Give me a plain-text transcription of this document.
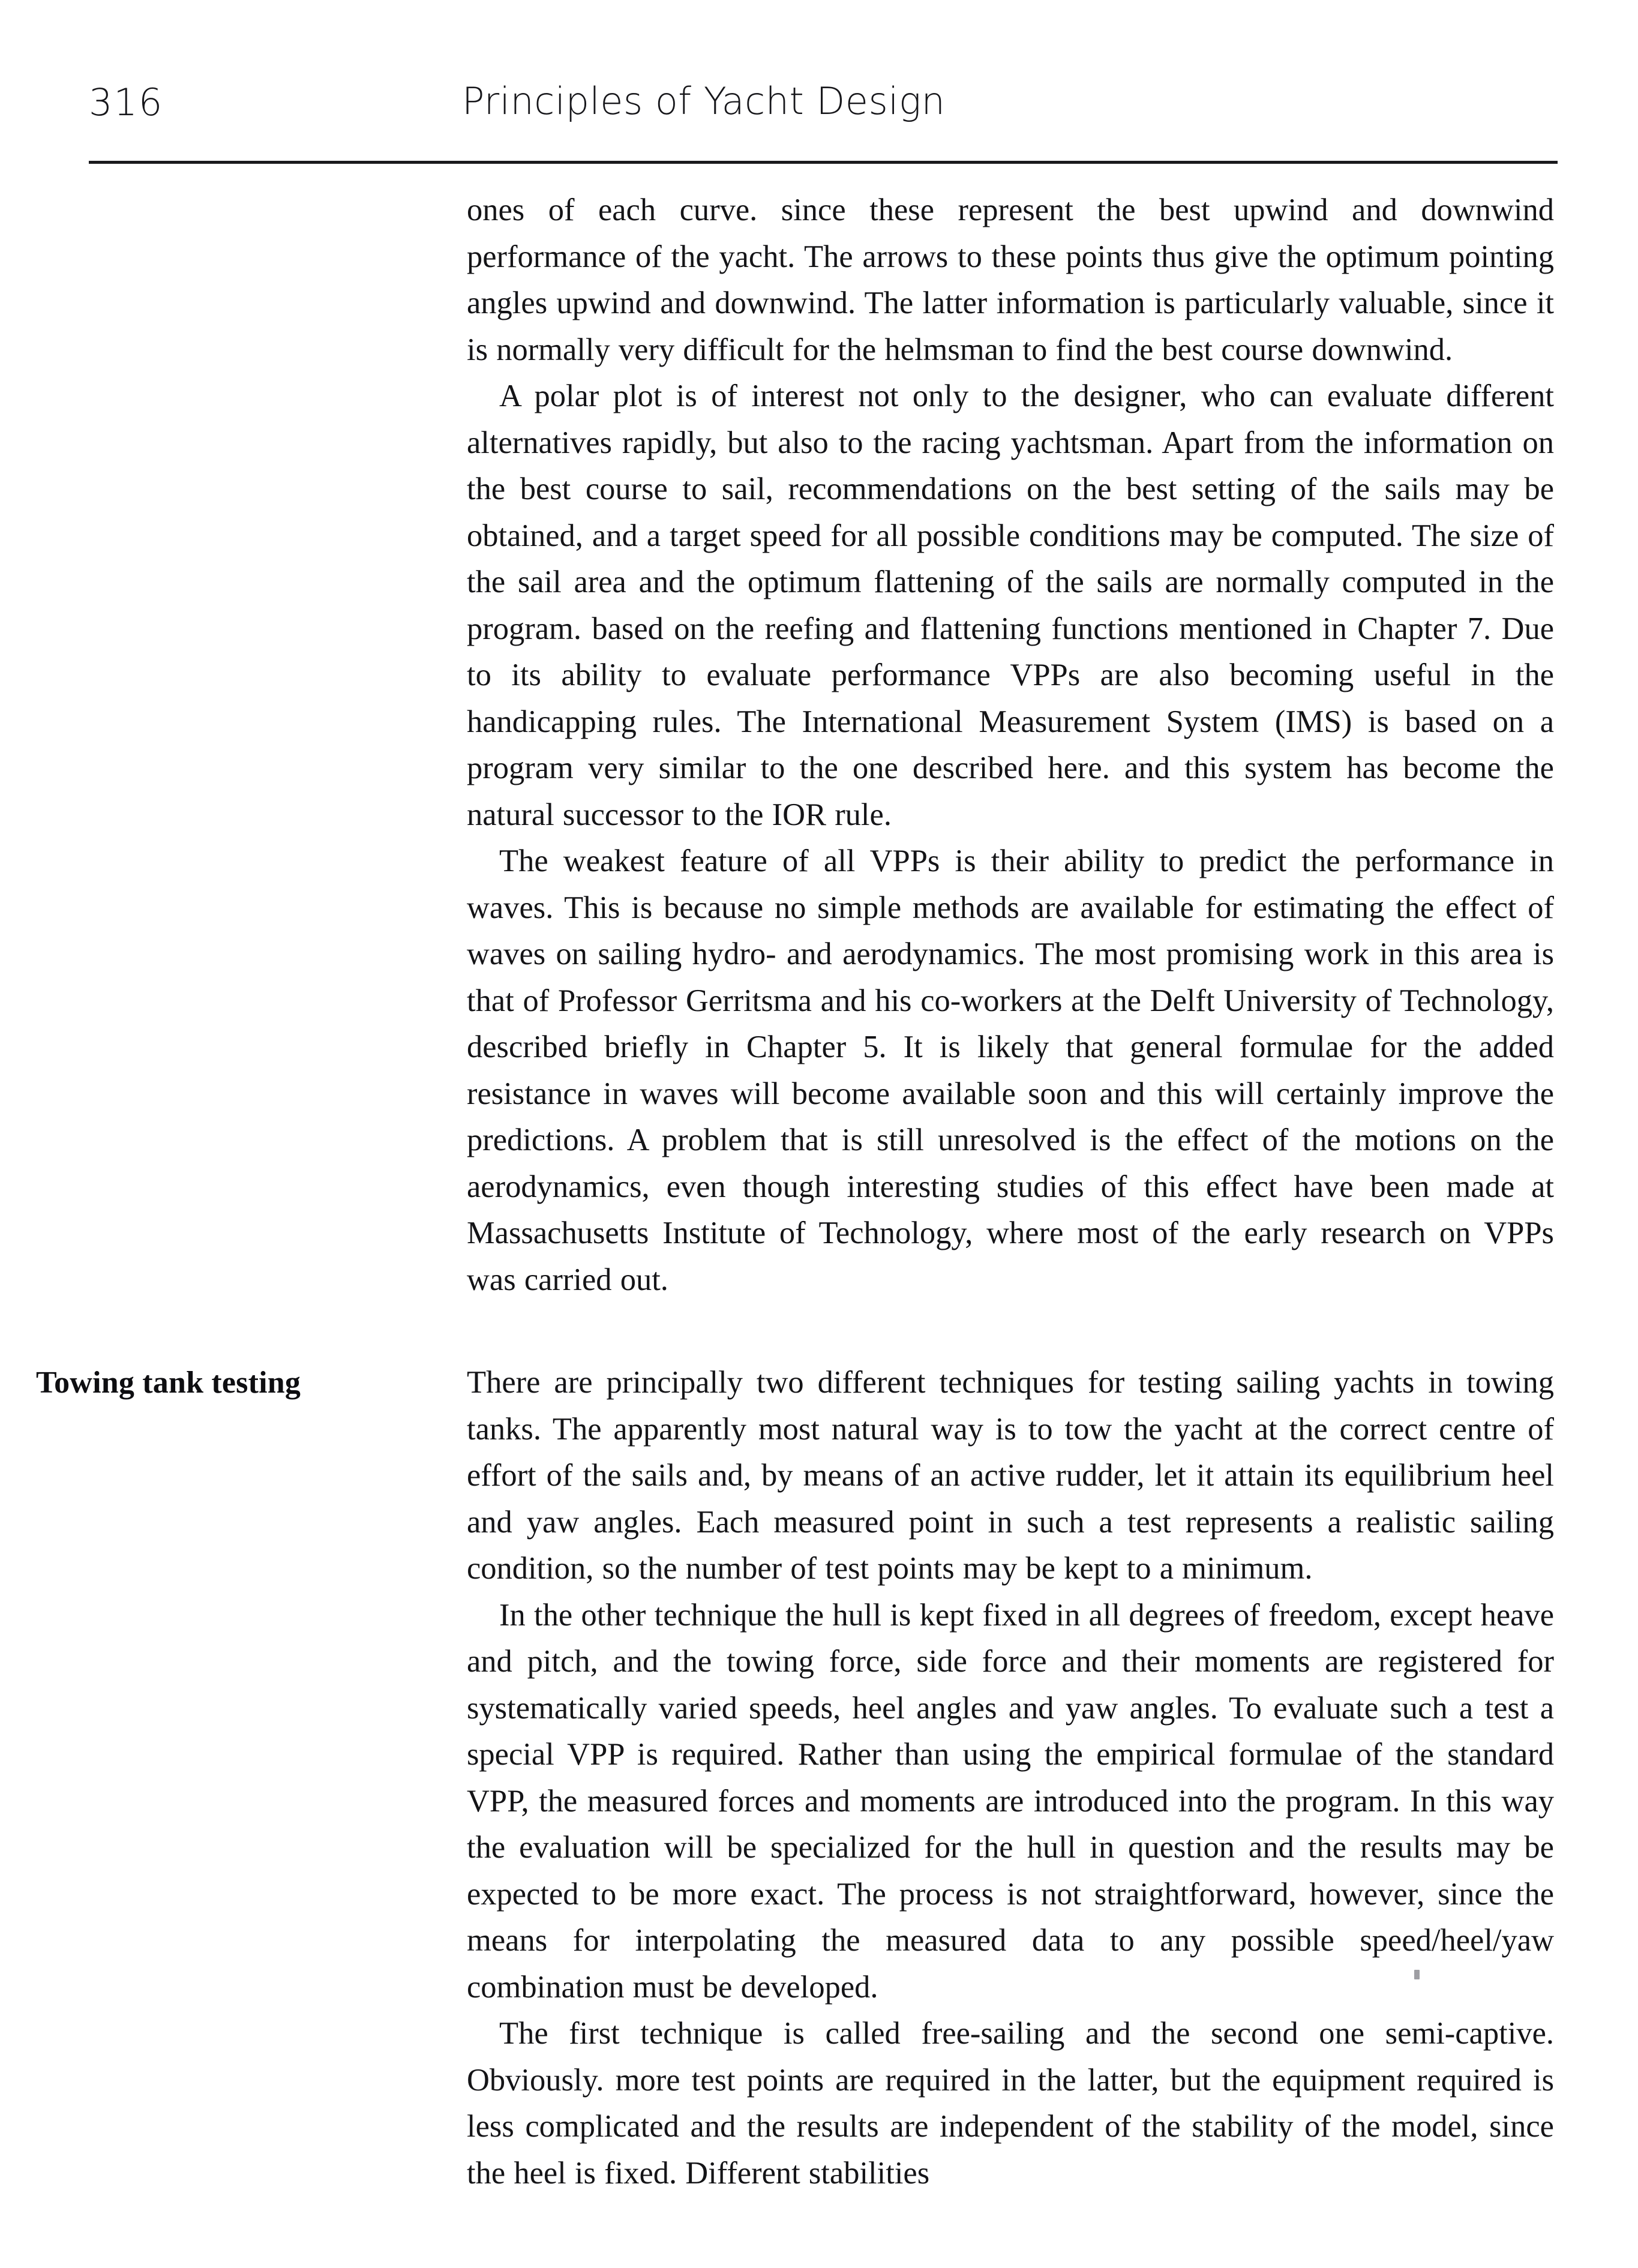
316	Principles of Yacht Design

ones of each curve. since these represent the best upwind and downwind performance of the yacht. The arrows to these points thus give the optimum pointing angles upwind and downwind. The latter information is particularly valuable, since it is normally very difficult for the helmsman to find the best course downwind.

A polar plot is of interest not only to the designer, who can evaluate different alternatives rapidly, but also to the racing yachtsman. Apart from the information on the best course to sail, recommendations on the best setting of the sails may be obtained, and a target speed for all possible conditions may be computed. The size of the sail area and the optimum flattening of the sails are normally computed in the program. based on the reefing and flattening functions mentioned in Chapter 7. Due to its ability to evaluate performance VPPs are also becoming useful in the handicapping rules. The International Measurement System (IMS) is based on a program very similar to the one described here. and this system has become the natural successor to the IOR rule.

The weakest feature of all VPPs is their ability to predict the performance in waves. This is because no simple methods are available for estimating the effect of waves on sailing hydro- and aerodynamics. The most promising work in this area is that of Professor Gerritsma and his co-workers at the Delft University of Technology, described briefly in Chapter 5. It is likely that general formulae for the added resistance in waves will become available soon and this will certainly improve the predictions. A problem that is still unresolved is the effect of the motions on the aerodynamics, even though interesting studies of this effect have been made at Massachusetts Institute of Technology, where most of the early research on VPPs was carried out.

Towing tank testing	There are principally two different techniques for testing sailing yachts in towing tanks. The apparently most natural way is to tow the yacht at the correct centre of effort of the sails and, by means of an active rudder, let it attain its equilibrium heel and yaw angles. Each measured point in such a test represents a realistic sailing condition, so the number of test points may be kept to a minimum.

In the other technique the hull is kept fixed in all degrees of freedom, except heave and pitch, and the towing force, side force and their moments are registered for systematically varied speeds, heel angles and yaw angles. To evaluate such a test a special VPP is required. Rather than using the empirical formulae of the standard VPP, the measured forces and moments are introduced into the program. In this way the evaluation will be specialized for the hull in question and the results may be expected to be more exact. The process is not straightforward, however, since the means for interpolating the measured data to any possible speed/heel/yaw combination must be developed.

The first technique is called free-sailing and the second one semi-captive. Obviously. more test points are required in the latter, but the equipment required is less complicated and the results are independent of the stability of the model, since the heel is fixed. Different stabilities
